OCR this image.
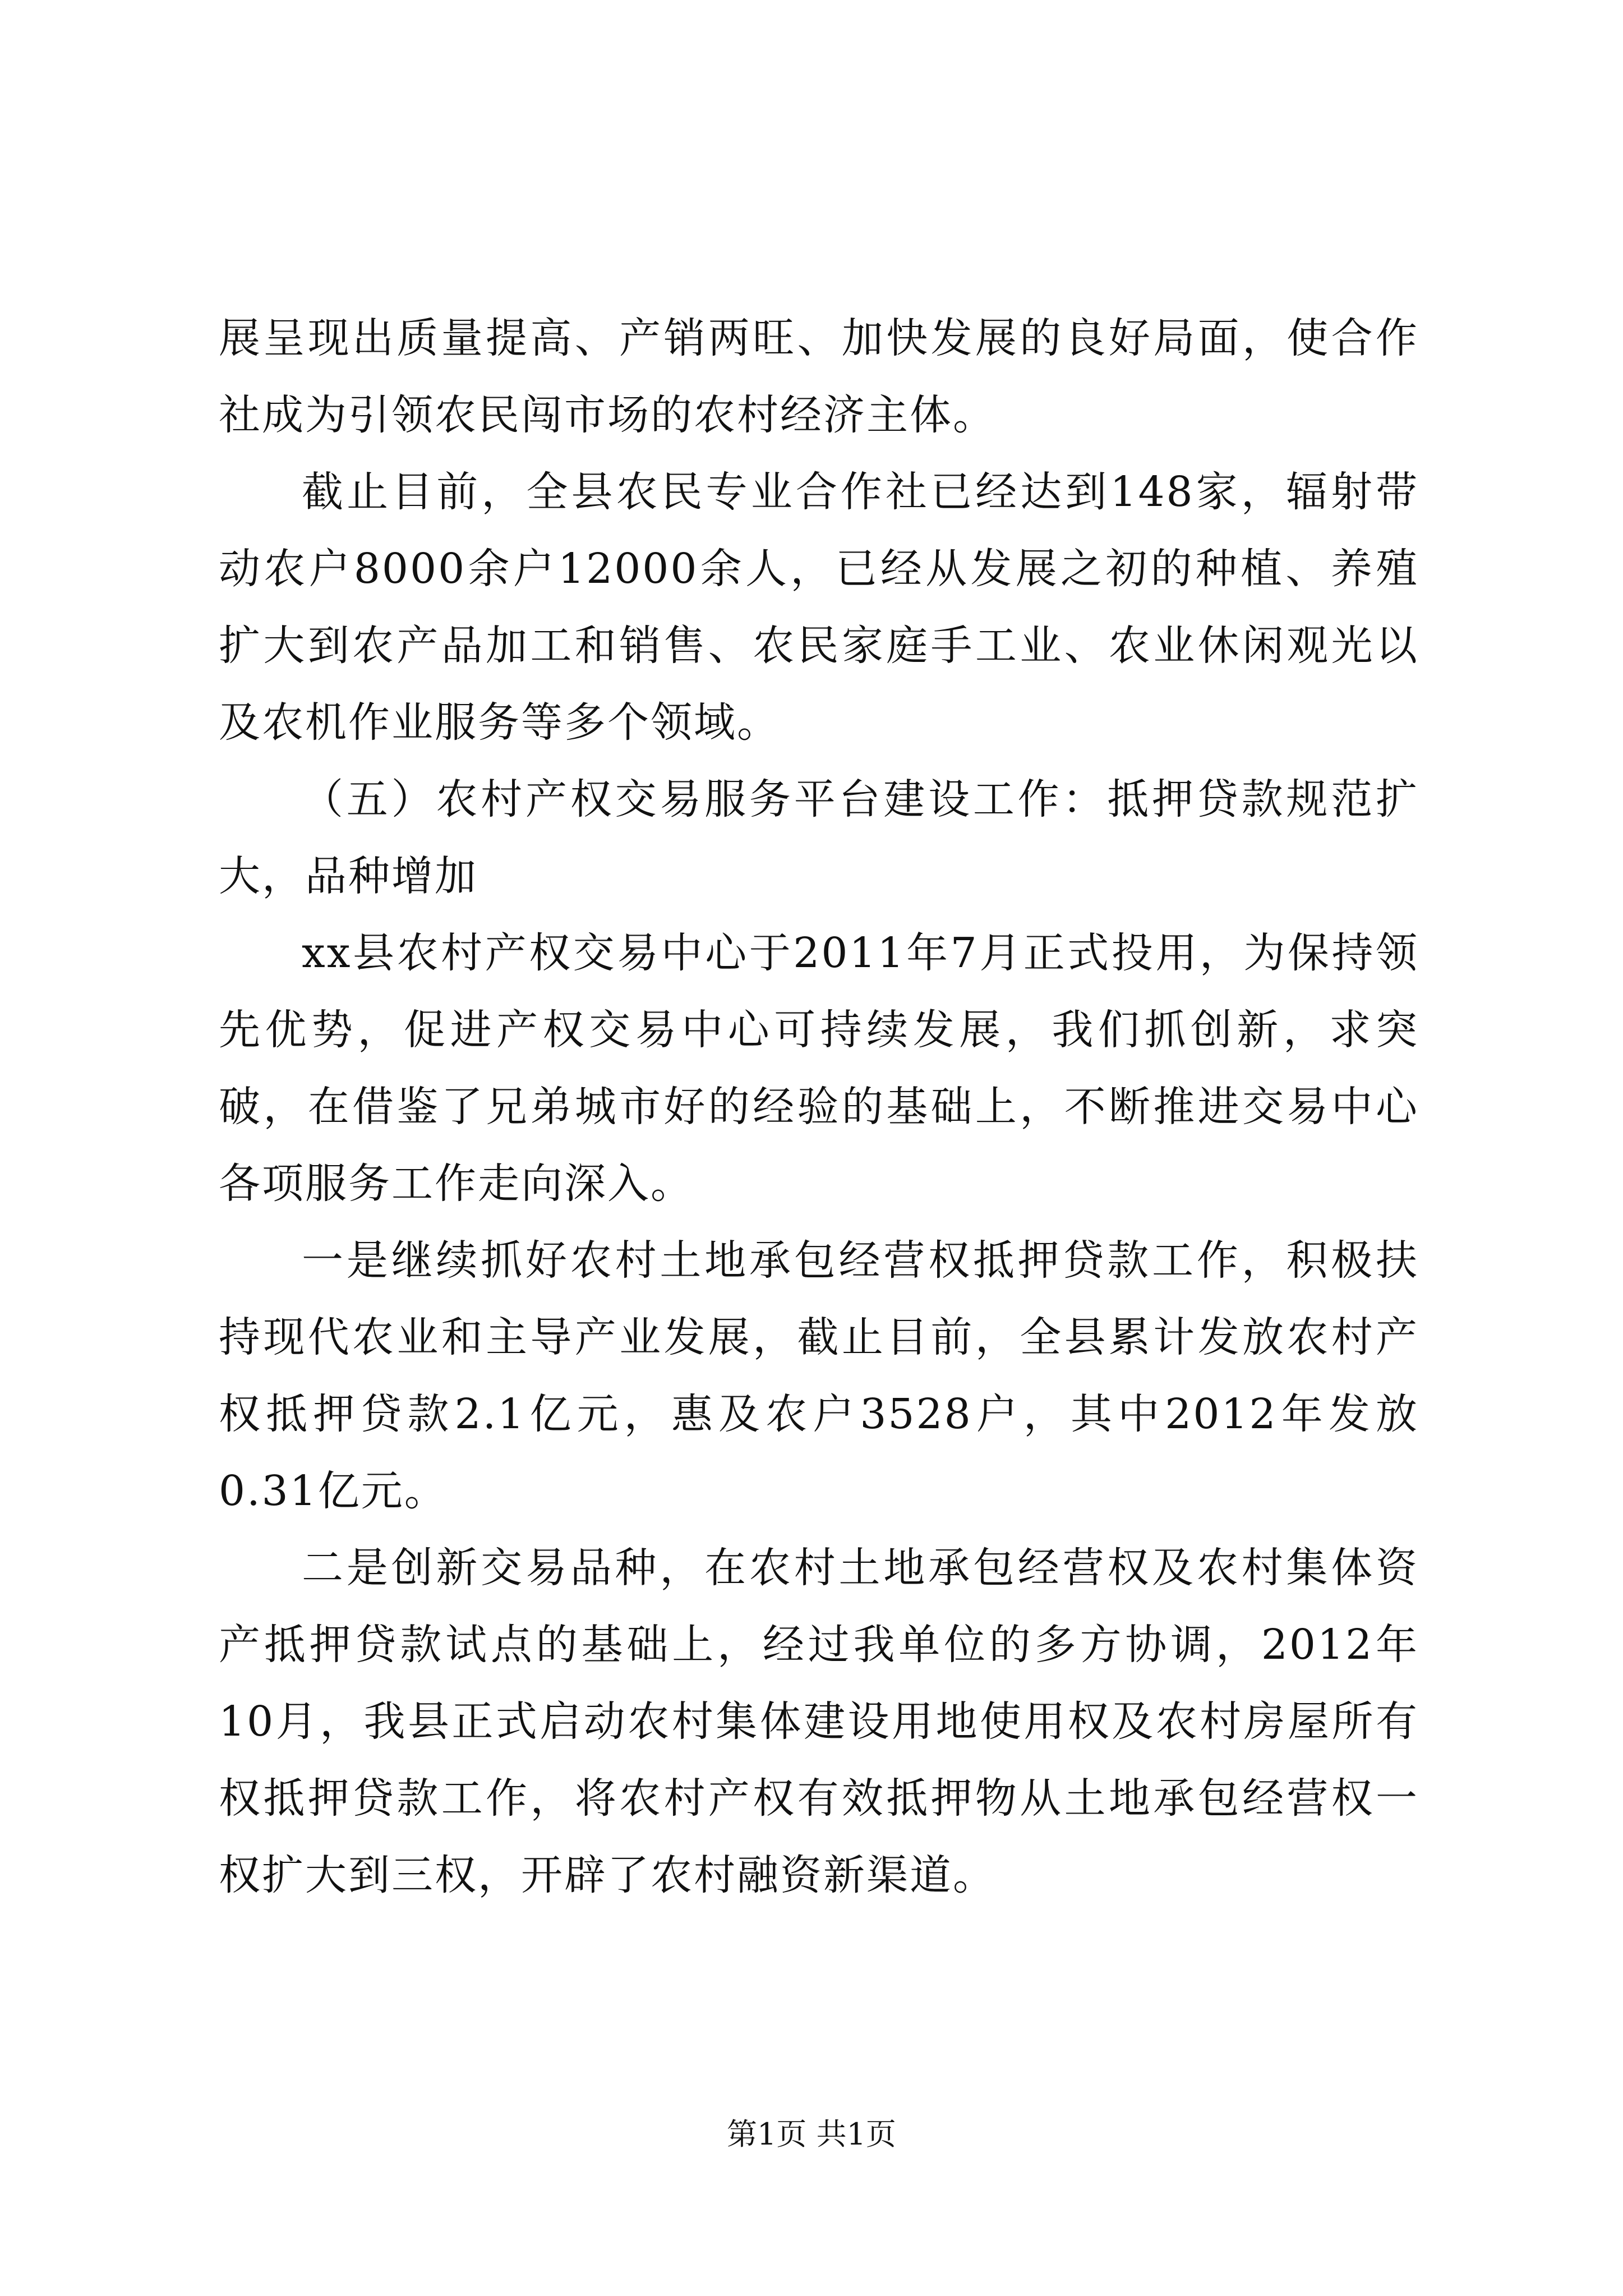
展呈现出质量提高、产销两旺、加快发展的良好局面，使合作社成为引领农民闯市场的农村经济主体。

截止目前，全县农民专业合作社已经达到148家，辐射带动农户8000余户12000余人，已经从发展之初的种植、养殖扩大到农产品加工和销售、农民家庭手工业、农业休闲观光以及农机作业服务等多个领域。

（五）农村产权交易服务平台建设工作：抵押贷款规范扩大，品种增加

xx县农村产权交易中心于2011年7月正式投用，为保持领先优势，促进产权交易中心可持续发展，我们抓创新，求突破，在借鉴了兄弟城市好的经验的基础上，不断推进交易中心各项服务工作走向深入。

一是继续抓好农村土地承包经营权抵押贷款工作，积极扶持现代农业和主导产业发展，截止目前，全县累计发放农村产权抵押贷款2.1亿元，惠及农户3528户，其中2012年发放0.31亿元。

二是创新交易品种，在农村土地承包经营权及农村集体资产抵押贷款试点的基础上，经过我单位的多方协调，2012年10月，我县正式启动农村集体建设用地使用权及农村房屋所有权抵押贷款工作，将农村产权有效抵押物从土地承包经营权一权扩大到三权，开辟了农村融资新渠道。

第1页 共1页
